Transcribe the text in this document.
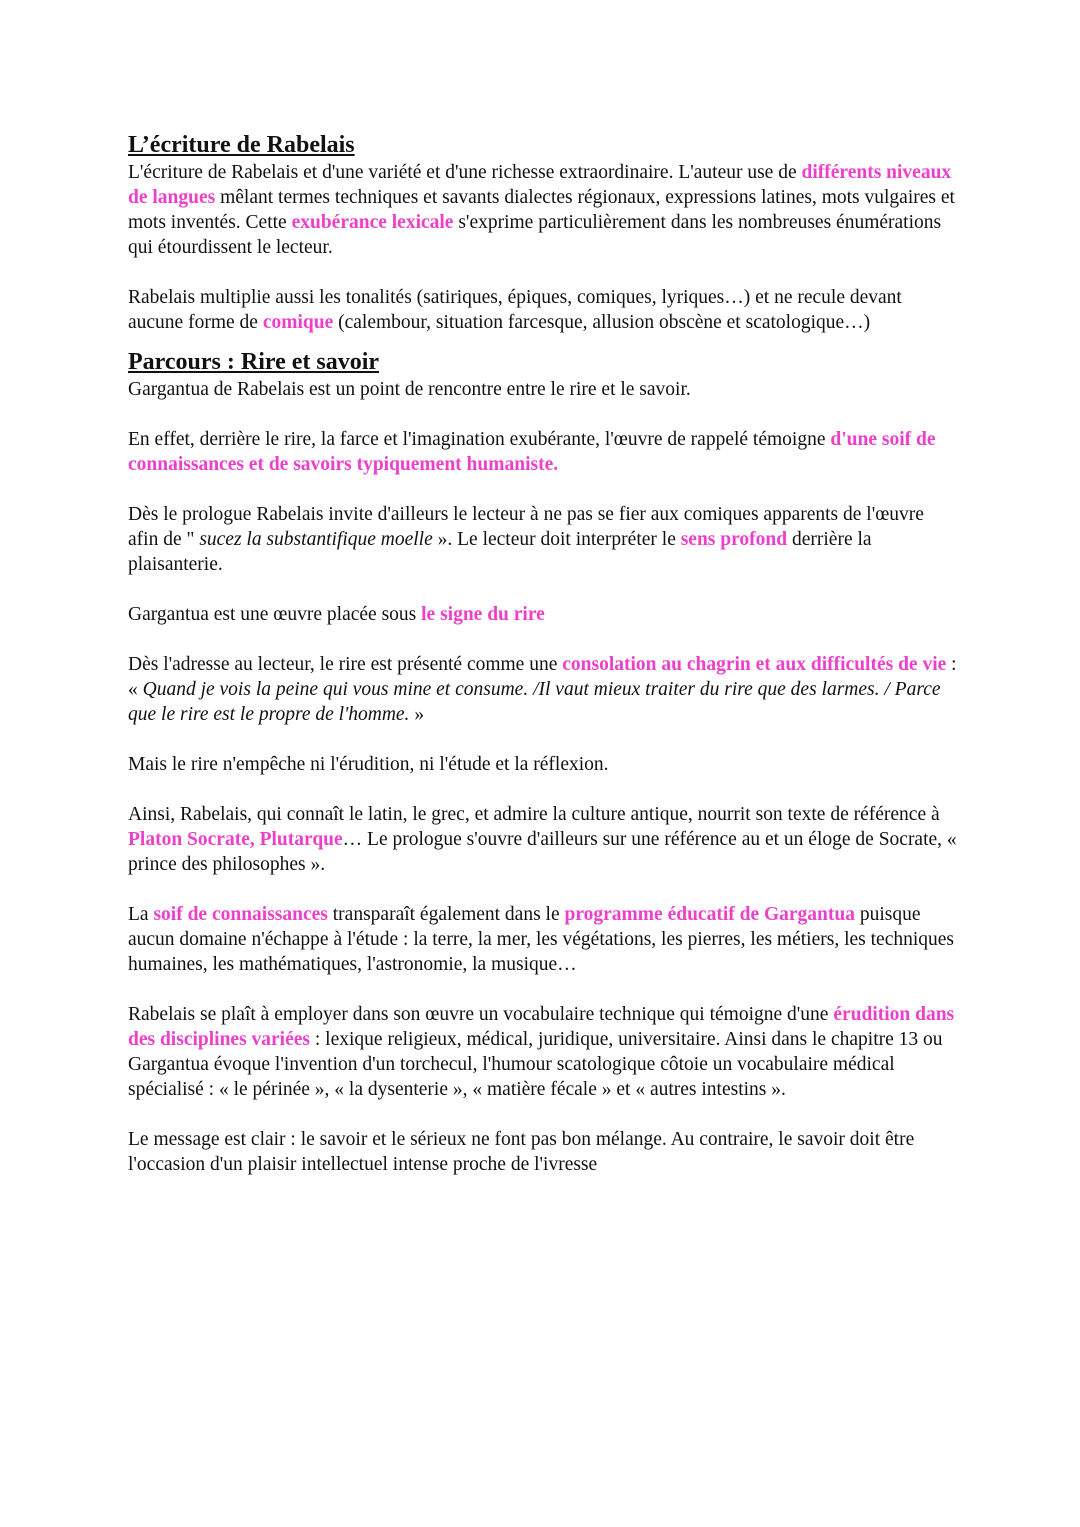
L’écriture de Rabelais

L'écriture de Rabelais et d'une variété et d'une richesse extraordinaire. L'auteur use de différents niveaux de langues mêlant termes techniques et savants dialectes régionaux, expressions latines, mots vulgaires et mots inventés. Cette exubérance lexicale s'exprime particulièrement dans les nombreuses énumérations qui étourdissent le lecteur.

Rabelais multiplie aussi les tonalités (satiriques, épiques, comiques, lyriques…) et ne recule devant aucune forme de comique (calembour, situation farcesque, allusion obscène et scatologique…)

Parcours : Rire et savoir

Gargantua de Rabelais est un point de rencontre entre le rire et le savoir.

En effet, derrière le rire, la farce et l'imagination exubérante, l'œuvre de rappelé témoigne d'une soif de connaissances et de savoirs typiquement humaniste.

Dès le prologue Rabelais invite d'ailleurs le lecteur à ne pas se fier aux comiques apparents de l'œuvre afin de " sucez la substantifique moelle ». Le lecteur doit interpréter le sens profond derrière la plaisanterie.

Gargantua est une œuvre placée sous le signe du rire

Dès l'adresse au lecteur, le rire est présenté comme une consolation au chagrin et aux difficultés de vie : « Quand je vois la peine qui vous mine et consume. /Il vaut mieux traiter du rire que des larmes. / Parce que le rire est le propre de l'homme. »

Mais le rire n'empêche ni l'érudition, ni l'étude et la réflexion.

Ainsi, Rabelais, qui connaît le latin, le grec, et admire la culture antique, nourrit son texte de référence à Platon Socrate, Plutarque… Le prologue s'ouvre d'ailleurs sur une référence au et un éloge de Socrate, « prince des philosophes ».

La soif de connaissances transparaît également dans le programme éducatif de Gargantua puisque aucun domaine n'échappe à l'étude : la terre, la mer, les végétations, les pierres, les métiers, les techniques humaines, les mathématiques, l'astronomie, la musique…

Rabelais se plaît à employer dans son œuvre un vocabulaire technique qui témoigne d'une érudition dans des disciplines variées : lexique religieux, médical, juridique, universitaire. Ainsi dans le chapitre 13 ou Gargantua évoque l'invention d'un torchecul, l'humour scatologique côtoie un vocabulaire médical spécialisé : « le périnée », « la dysenterie », « matière fécale » et « autres intestins ».

Le message est clair : le savoir et le sérieux ne font pas bon mélange. Au contraire, le savoir doit être l'occasion d'un plaisir intellectuel intense proche de l'ivresse
